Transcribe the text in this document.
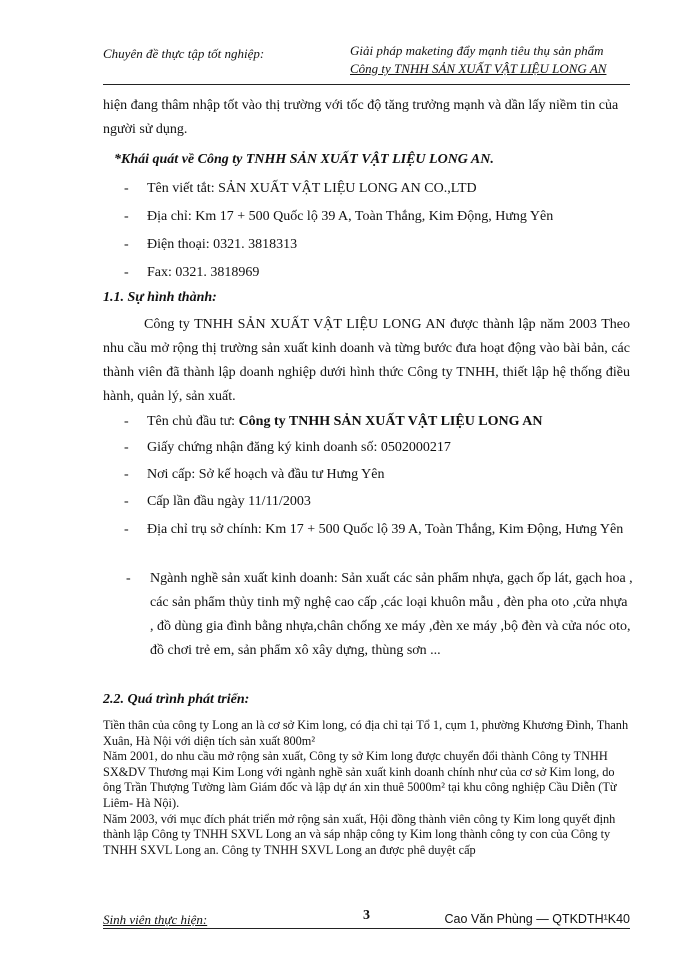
Chuyên đề thực tập tốt nghiệp:	Giải pháp maketing đẩy mạnh tiêu thụ sản phẩm
Công ty TNHH SẢN XUẤT VẬT LIỆU LONG AN
hiện đang thâm nhập tốt vào thị trường với tốc độ tăng trưởng mạnh và dần lấy niềm tin của người sử dụng.
*Khái quát về Công ty TNHH SẢN XUẤT VẬT LIỆU LONG AN.
- Tên viết tắt: SẢN XUẤT VẬT LIỆU LONG AN CO.,LTD
- Địa chỉ: Km 17 + 500 Quốc lộ 39 A, Toàn Thắng, Kim Động, Hưng Yên
- Điện thoại: 0321. 3818313
- Fax: 0321. 3818969
1.1. Sự hình thành:
Công ty TNHH SẢN XUẤT VẬT LIỆU LONG AN được thành lập năm 2003 Theo nhu cầu mở rộng thị trường sản xuất kinh doanh và từng bước đưa hoạt động vào bài bản, các thành viên đã thành lập doanh nghiệp dưới hình thức Công ty TNHH, thiết lập hệ thống điều hành, quản lý, sản xuất.
- Tên chủ đầu tư: Công ty TNHH SẢN XUẤT VẬT LIỆU LONG AN
- Giấy chứng nhận đăng ký kinh doanh số: 0502000217
- Nơi cấp: Sở kế hoạch và đầu tư Hưng Yên
- Cấp lần đầu ngày 11/11/2003
- Địa chỉ trụ sở chính: Km 17 + 500 Quốc lộ 39 A, Toàn Thắng, Kim Động, Hưng Yên
- Ngành nghề sản xuất kinh doanh: Sản xuất các sản phẩm nhựa, gạch ốp lát, gạch hoa , các sản phẩm thủy tinh mỹ nghệ cao cấp ,các loại khuôn mẫu , đèn pha oto ,cửa nhựa , đồ dùng gia đình bằng nhựa,chân chống xe máy ,đèn xe máy ,bộ đèn và cửa nóc oto, đồ chơi trẻ em, sản phẩm xô xây dựng, thùng sơn ...
2.2. Quá trình phát triển:

Tiền thân của công ty Long an là cơ sở Kim long, có địa chỉ tại Tổ 1, cụm 1, phường Khương Đình, Thanh Xuân, Hà Nội với diện tích sản xuất 800m²

Năm 2001, do nhu cầu mở rộng sản xuất, Công ty sở Kim long được chuyển đổi thành Công ty TNHH SX&DV Thương mại Kim Long với ngành nghề sản xuất kinh doanh chính như của cơ sở Kim long, do ông Trần Thượng Tường làm Giám đốc và lập dự án xin thuê 5000m² tại khu công nghiệp Cầu Diễn (Từ Liêm- Hà Nội).

Năm 2003, với mục đích phát triển mở rộng sản xuất, Hội đồng thành viên công ty Kim long quyết định thành lập Công ty TNHH SXVL Long an và sáp nhập công ty Kim long thành công ty con của Công ty TNHH SXVL Long an. Công ty TNHH SXVL Long an được phê duyệt cấp

Sinh viên thực hiện:	3	Cao Văn Phùng — QTKDTH¹K40
